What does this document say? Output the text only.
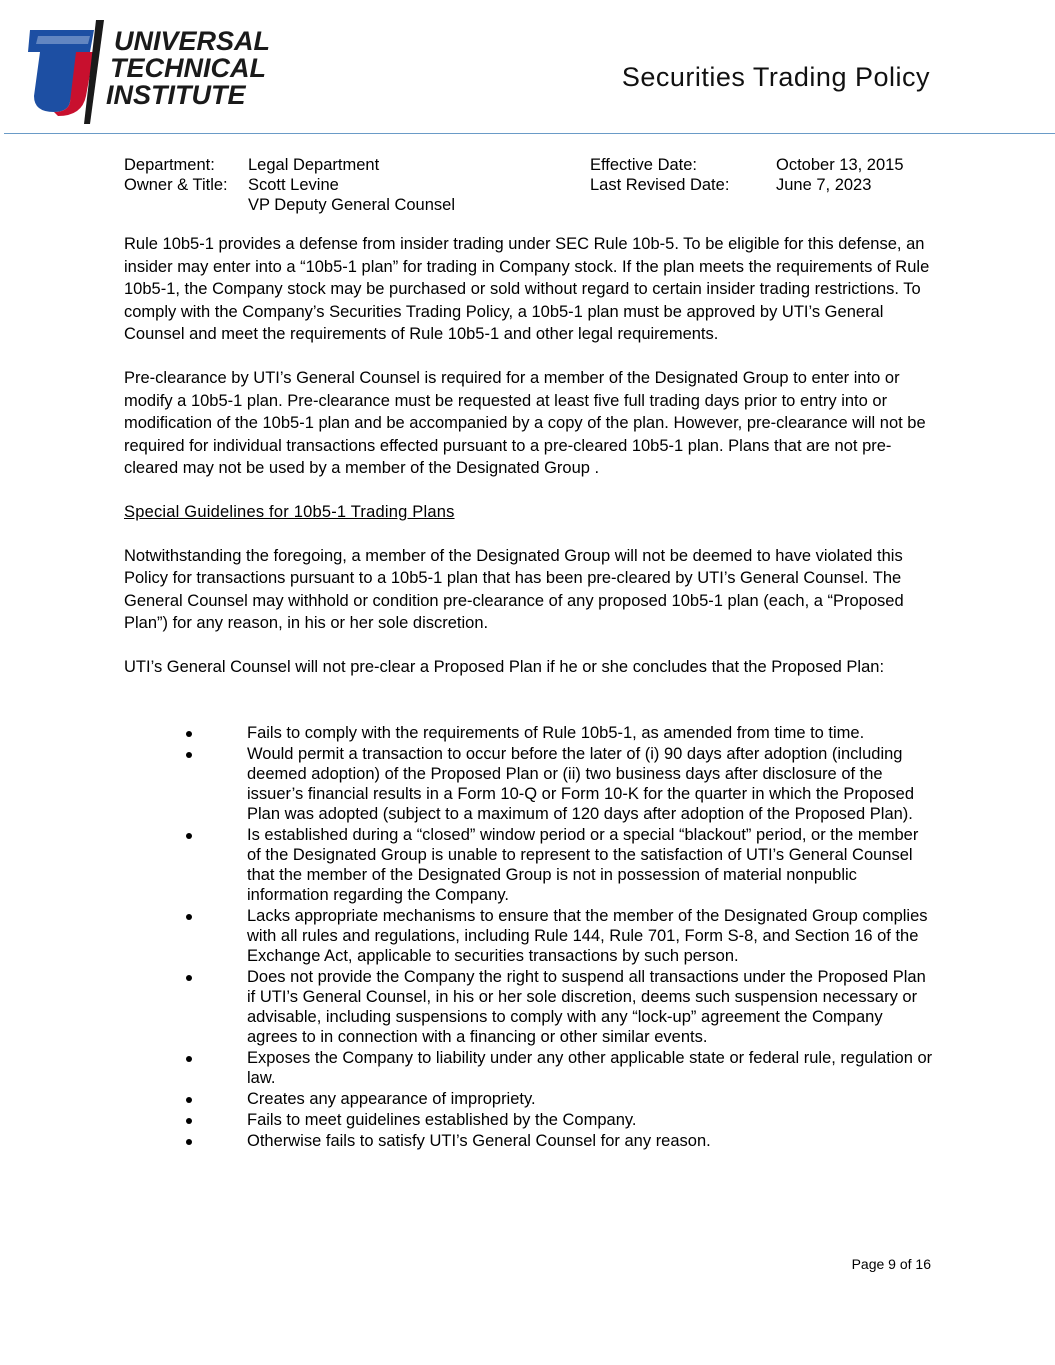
UNIVERSAL
TECHNICAL
INSTITUTE
Securities Trading Policy
Department:	Legal Department
Owner & Title:	Scott Levine
VP Deputy General Counsel
Effective Date:	October 13, 2015
Last Revised Date:	June 7, 2023

Rule 10b5-1 provides a defense from insider trading under SEC Rule 10b-5. To be eligible for this defense, an insider may enter into a “10b5-1 plan” for trading in Company stock. If the plan meets the requirements of Rule 10b5-1, the Company stock may be purchased or sold without regard to certain insider trading restrictions. To comply with the Company’s Securities Trading Policy, a 10b5-1 plan must be approved by UTI’s General Counsel and meet the requirements of Rule 10b5-1 and other legal requirements.

Pre-clearance by UTI’s General Counsel is required for a member of the Designated Group to enter into or modify a 10b5-1 plan. Pre-clearance must be requested at least five full trading days prior to entry into or modification of the 10b5-1 plan and be accompanied by a copy of the plan. However, pre-clearance will not be required for individual transactions effected pursuant to a pre-cleared 10b5-1 plan. Plans that are not pre-cleared may not be used by a member of the Designated Group .

Special Guidelines for 10b5-1 Trading Plans

Notwithstanding the foregoing, a member of the Designated Group will not be deemed to have violated this Policy for transactions pursuant to a 10b5-1 plan that has been pre-cleared by UTI’s General Counsel. The General Counsel may withhold or condition pre-clearance of any proposed 10b5-1 plan (each, a “Proposed Plan”) for any reason, in his or her sole discretion.

UTI’s General Counsel will not pre-clear a Proposed Plan if he or she concludes that the Proposed Plan:

Fails to comply with the requirements of Rule 10b5-1, as amended from time to time.
Would permit a transaction to occur before the later of (i) 90 days after adoption (including deemed adoption) of the Proposed Plan or (ii) two business days after disclosure of the issuer’s financial results in a Form 10-Q or Form 10-K for the quarter in which the Proposed Plan was adopted (subject to a maximum of 120 days after adoption of the Proposed Plan).
Is established during a “closed” window period or a special “blackout” period, or the member of the Designated Group is unable to represent to the satisfaction of UTI’s General Counsel that the member of the Designated Group is not in possession of material nonpublic information regarding the Company.
Lacks appropriate mechanisms to ensure that the member of the Designated Group complies with all rules and regulations, including Rule 144, Rule 701, Form S-8, and Section 16 of the Exchange Act, applicable to securities transactions by such person.
Does not provide the Company the right to suspend all transactions under the Proposed Plan if UTI’s General Counsel, in his or her sole discretion, deems such suspension necessary or advisable, including suspensions to comply with any “lock-up” agreement the Company agrees to in connection with a financing or other similar events.
Exposes the Company to liability under any other applicable state or federal rule, regulation or law.
Creates any appearance of impropriety.
Fails to meet guidelines established by the Company.
Otherwise fails to satisfy UTI’s General Counsel for any reason.
Page 9 of 16
